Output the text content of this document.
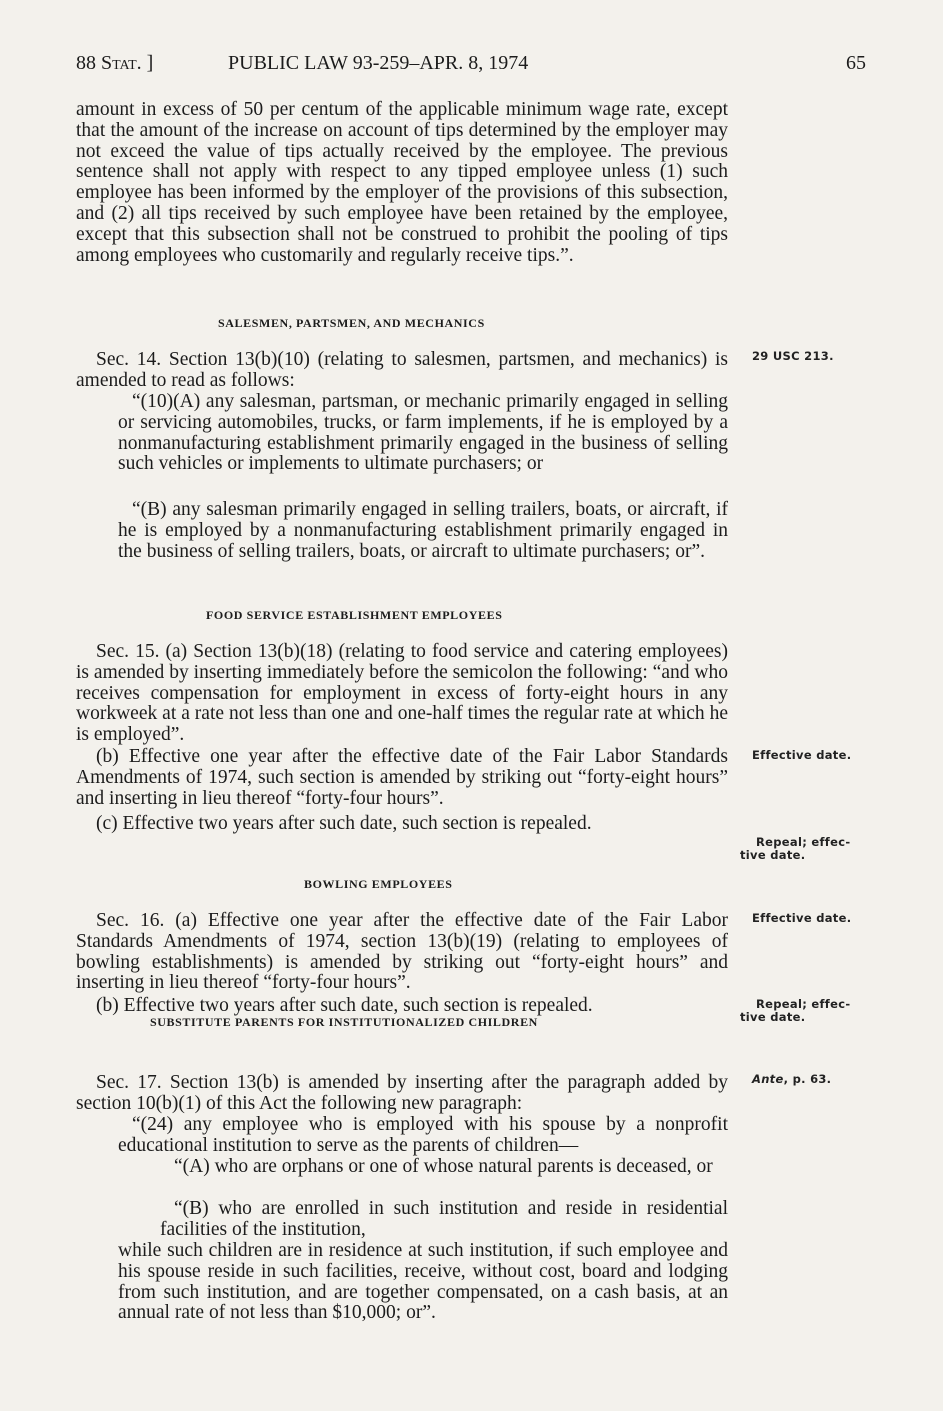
88 Stat. ]	PUBLIC LAW 93-259–APR. 8, 1974	65

amount in excess of 50 per centum of the applicable minimum wage rate, except that the amount of the increase on account of tips determined by the employer may not exceed the value of tips actually received by the employee. The previous sentence shall not apply with respect to any tipped employee unless (1) such employee has been informed by the employer of the provisions of this subsection, and (2) all tips received by such employee have been retained by the employee, except that this subsection shall not be construed to prohibit the pooling of tips among employees who customarily and regularly receive tips.”.

SALESMEN, PARTSMEN, AND MECHANICS

Sec. 14. Section 13(b)(10) (relating to salesmen, partsmen, and mechanics) is amended to read as follows:

“(10)(A) any salesman, partsman, or mechanic primarily engaged in selling or servicing automobiles, trucks, or farm implements, if he is employed by a nonmanufacturing establishment primarily engaged in the business of selling such vehicles or implements to ultimate purchasers; or

“(B) any salesman primarily engaged in selling trailers, boats, or aircraft, if he is employed by a nonmanufacturing establishment primarily engaged in the business of selling trailers, boats, or aircraft to ultimate purchasers; or”.

29 USC 213.
FOOD SERVICE ESTABLISHMENT EMPLOYEES

Sec. 15. (a) Section 13(b)(18) (relating to food service and catering employees) is amended by inserting immediately before the semicolon the following: “and who receives compensation for employment in excess of forty-eight hours in any workweek at a rate not less than one and one-half times the regular rate at which he is employed”.

(b) Effective one year after the effective date of the Fair Labor Standards Amendments of 1974, such section is amended by striking out “forty-eight hours” and inserting in lieu thereof “forty-four hours”.

(c) Effective two years after such date, such section is repealed.

Effective date.
Repeal; effec-
tive date.
BOWLING EMPLOYEES

Sec. 16. (a) Effective one year after the effective date of the Fair Labor Standards Amendments of 1974, section 13(b)(19) (relating to employees of bowling establishments) is amended by striking out “forty-eight hours” and inserting in lieu thereof “forty-four hours”.

(b) Effective two years after such date, such section is repealed.

Effective date.
Repeal; effec-
tive date.
SUBSTITUTE PARENTS FOR INSTITUTIONALIZED CHILDREN

Sec. 17. Section 13(b) is amended by inserting after the paragraph added by section 10(b)(1) of this Act the following new paragraph:

“(24) any employee who is employed with his spouse by a nonprofit educational institution to serve as the parents of children—

“(A) who are orphans or one of whose natural parents is deceased, or

“(B) who are enrolled in such institution and reside in residential facilities of the institution,

while such children are in residence at such institution, if such employee and his spouse reside in such facilities, receive, without cost, board and lodging from such institution, and are together compensated, on a cash basis, at an annual rate of not less than $10,000; or”.

Ante, p. 63.
